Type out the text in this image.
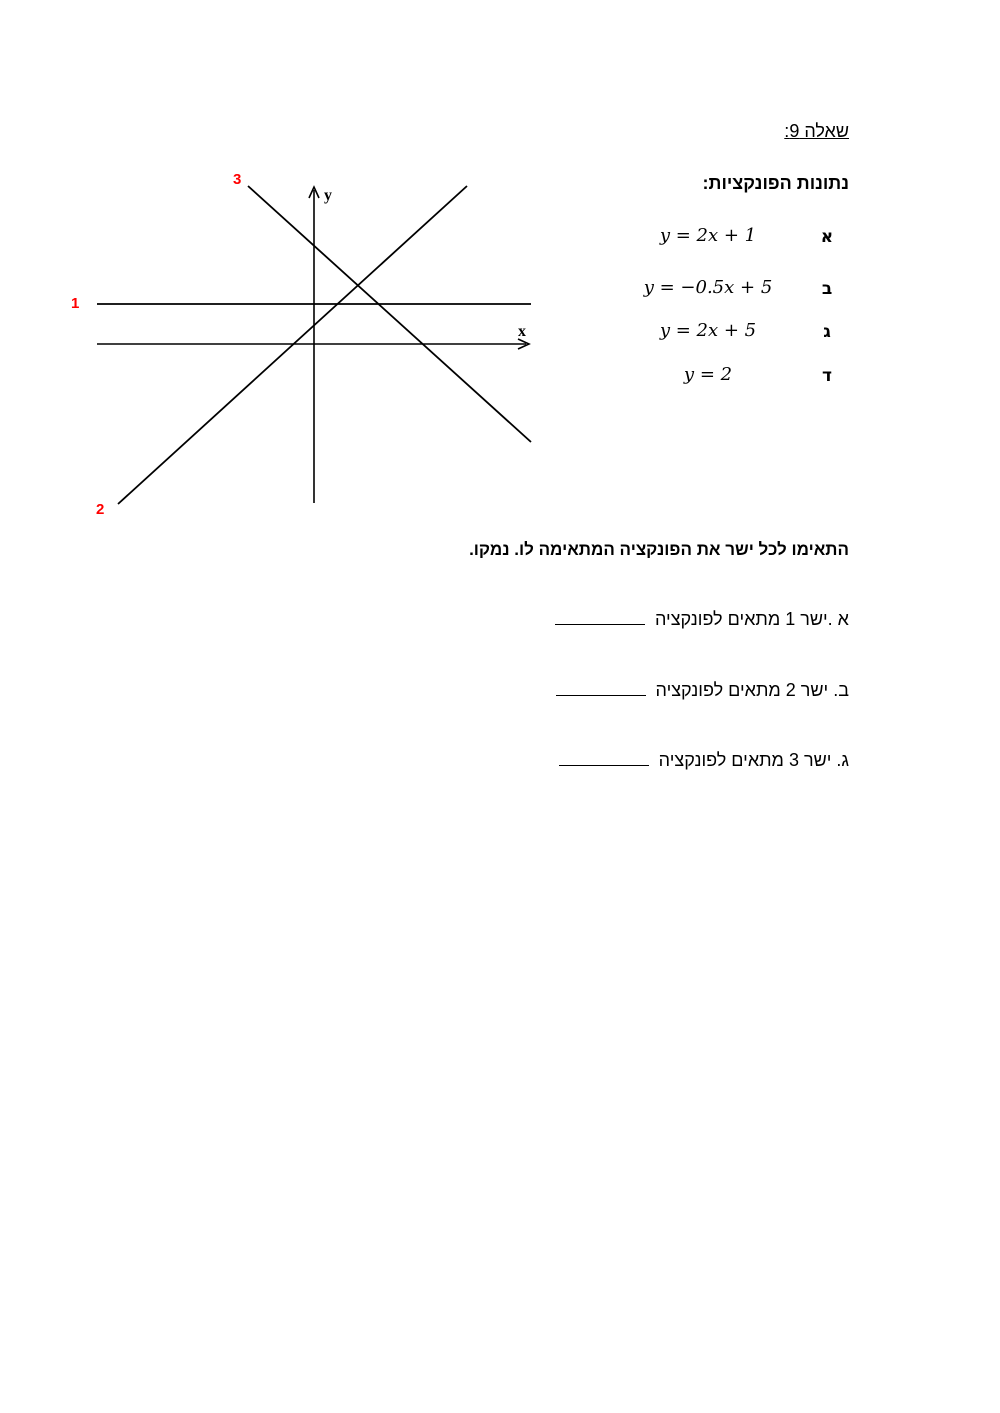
שאלה 9:
נתונות הפונקציות:
א
y = 2x + 1
ב
y = −0.5x + 5
ג
y = 2x + 5
ד
y = 2
x
y
1
2
3
התאימו לכל ישר את הפונקציה המתאימה לו. נמקו.
א .ישר 1 מתאים לפונקציה
ב. ישר 2 מתאים לפונקציה
ג. ישר 3 מתאים לפונקציה
